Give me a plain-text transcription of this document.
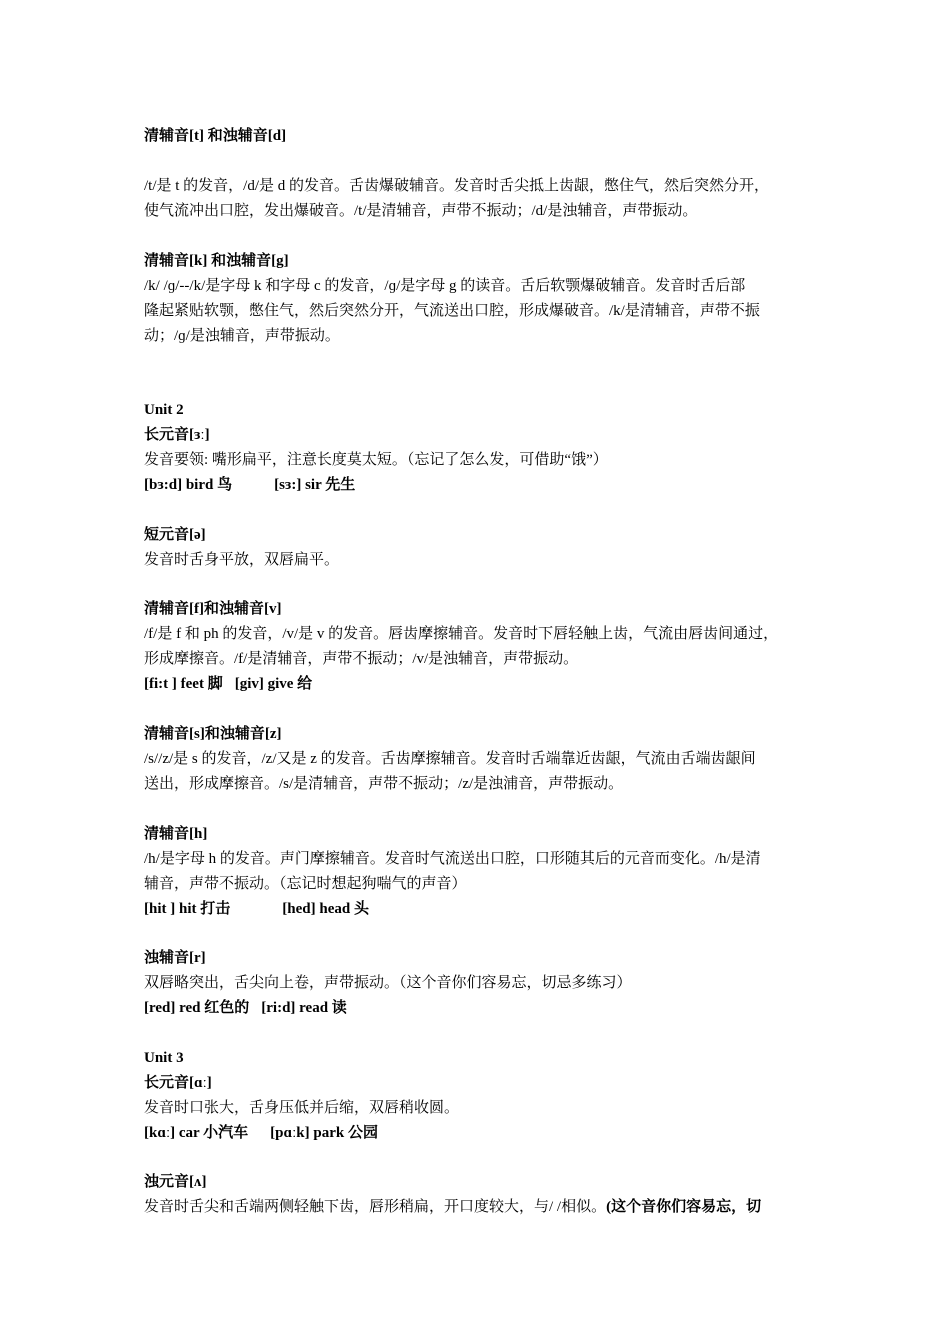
清辅音[t] 和浊辅音[d]
/t/是 t 的发音，/d/是 d 的发音。舌齿爆破辅音。发音时舌尖抵上齿龈，憋住气，然后突然分开，
使气流冲出口腔，发出爆破音。/t/是清辅音，声带不振动；/d/是浊辅音，声带振动。
清辅音[k] 和浊辅音[g]
/k/ /ɡ/--/k/是字母 k 和字母 c 的发音，/ɡ/是字母 g 的读音。舌后软颚爆破辅音。发音时舌后部
隆起紧贴软颚，憋住气，然后突然分开，气流送出口腔，形成爆破音。/k/是清辅音，声带不振
动；/ɡ/是浊辅音，声带振动。
Unit 2
长元音[ɜː]
发音要领: 嘴形扁平，注意长度莫太短。（忘记了怎么发，可借助“饿”）
[bɜ:d] bird 鸟	[sɜ:] sir 先生
短元音[ə]
发音时舌身平放，双唇扁平。
清辅音[f]和浊辅音[v]
/f/是 f 和 ph 的发音，/v/是 v 的发音。唇齿摩擦辅音。发音时下唇轻触上齿，气流由唇齿间通过，
形成摩擦音。/f/是清辅音，声带不振动；/v/是浊辅音，声带振动。
[fi:t ] feet 脚 [giv] give 给
清辅音[s]和浊辅音[z]
/s//z/是 s 的发音，/z/又是 z 的发音。舌齿摩擦辅音。发音时舌端靠近齿龈，气流由舌端齿龈间
送出，形成摩擦音。/s/是清辅音，声带不振动；/z/是浊浦音，声带振动。
清辅音[h]
/h/是字母 h 的发音。声门摩擦辅音。发音时气流送出口腔，口形随其后的元音而变化。/h/是清
辅音，声带不振动。（忘记时想起狗喘气的声音）
[hit ] hit 打击	[hed] head 头
浊辅音[r]
双唇略突出，舌尖向上卷，声带振动。（这个音你们容易忘，切忌多练习）
[red] red 红色的 [ri:d] read 读
Unit 3
长元音[ɑː]
发音时口张大，舌身压低并后缩，双唇稍收圆。
[kɑː] car 小汽车 [pɑːk] park 公园
浊元音[ʌ]
发音时舌尖和舌端两侧轻触下齿，唇形稍扁，开口度较大，与/ /相似。(这个音你们容易忘，切
